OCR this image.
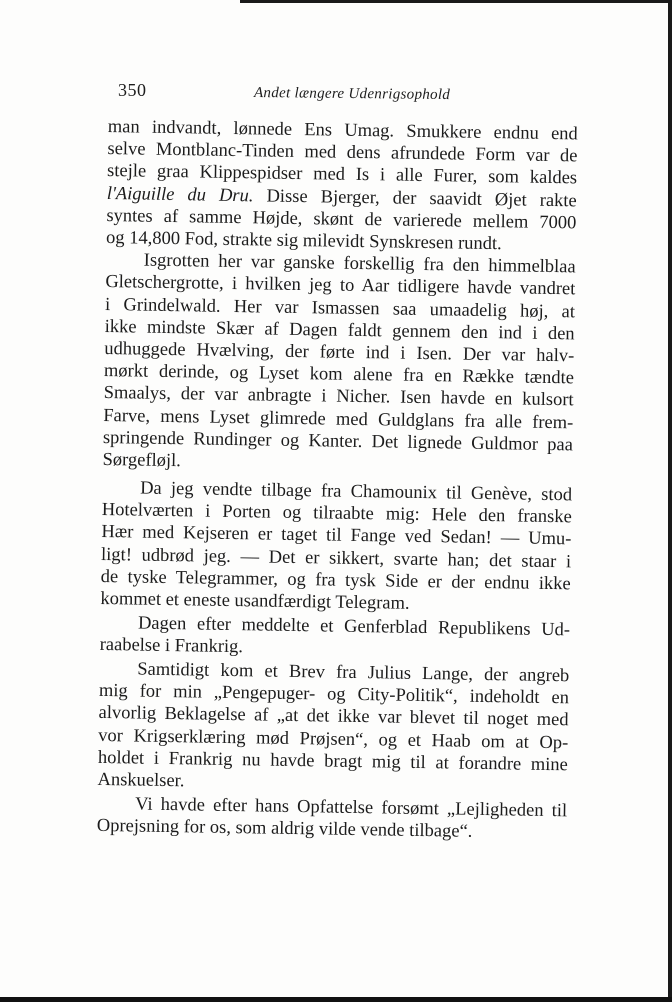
350	Andet længere Udenrigsophold
man indvandt, lønnede Ens Umag. Smukkere endnu end
selve Montblanc-Tinden med dens afrundede Form var de
stejle graa Klippespidser med Is i alle Furer, som kaldes
l'Aiguille du Dru. Disse Bjerger, der saavidt Øjet rakte
syntes af samme Højde, skønt de varierede mellem 7000
og 14,800 Fod, strakte sig milevidt Synskresen rundt.
Isgrotten her var ganske forskellig fra den himmelblaa
Gletschergrotte, i hvilken jeg to Aar tidligere havde vandret
i Grindelwald. Her var Ismassen saa umaadelig høj, at
ikke mindste Skær af Dagen faldt gennem den ind i den
udhuggede Hvælving, der førte ind i Isen. Der var halv-
mørkt derinde, og Lyset kom alene fra en Række tændte
Smaalys, der var anbragte i Nicher. Isen havde en kulsort
Farve, mens Lyset glimrede med Guldglans fra alle frem-
springende Rundinger og Kanter. Det lignede Guldmor paa
Sørgefløjl.
Da jeg vendte tilbage fra Chamounix til Genève, stod
Hotelværten i Porten og tilraabte mig: Hele den franske
Hær med Kejseren er taget til Fange ved Sedan! — Umu-
ligt! udbrød jeg. — Det er sikkert, svarte han; det staar i
de tyske Telegrammer, og fra tysk Side er der endnu ikke
kommet et eneste usandfærdigt Telegram.
Dagen efter meddelte et Genferblad Republikens Ud-
raabelse i Frankrig.
Samtidigt kom et Brev fra Julius Lange, der angreb
mig for min „Pengepuger- og City-Politik“, indeholdt en
alvorlig Beklagelse af „at det ikke var blevet til noget med
vor Krigserklæring mød Prøjsen“, og et Haab om at Op-
holdet i Frankrig nu havde bragt mig til at forandre mine
Anskuelser.
Vi havde efter hans Opfattelse forsømt „Lejligheden til
Oprejsning for os, som aldrig vilde vende tilbage“.
